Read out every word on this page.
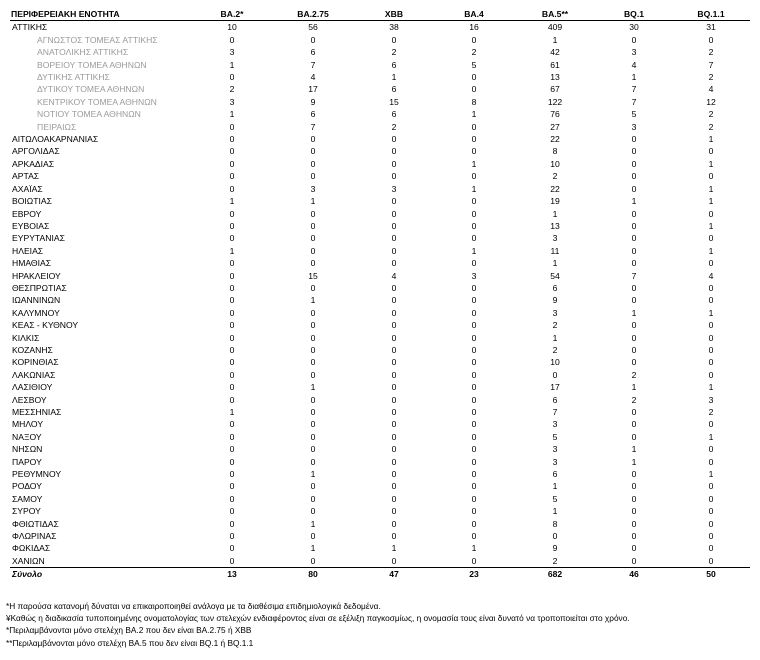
ΠΕΡΙΦΕΡΕΙΑΚΗ ΕΝΟΤΗΤΑ	BA.2*	BA.2.75	XBB	BA.4	BA.5**	BQ.1	BQ.1.1
ΑΤΤΙΚΗΣ	10	56	38	16	409	30	31
ΑΓΝΩΣΤΟΣ ΤΟΜΕΑΣ ΑΤΤΙΚΗΣ	0	0	0	0	1	0	0
ΑΝΑΤΟΛΙΚΗΣ ΑΤΤΙΚΗΣ	3	6	2	2	42	3	2
ΒΟΡΕΙΟΥ ΤΟΜΕΑ ΑΘΗΝΩΝ	1	7	6	5	61	4	7
ΔΥΤΙΚΗΣ ΑΤΤΙΚΗΣ	0	4	1	0	13	1	2
ΔΥΤΙΚΟΥ ΤΟΜΕΑ ΑΘΗΝΩΝ	2	17	6	0	67	7	4
ΚΕΝΤΡΙΚΟΥ ΤΟΜΕΑ ΑΘΗΝΩΝ	3	9	15	8	122	7	12
ΝΟΤΙΟΥ ΤΟΜΕΑ ΑΘΗΝΩΝ	1	6	6	1	76	5	2
ΠΕΙΡΑΙΩΣ	0	7	2	0	27	3	2
ΑΙΤΩΛΟΑΚΑΡΝΑΝΙΑΣ	0	0	0	0	22	0	1
ΑΡΓΟΛΙΔΑΣ	0	0	0	0	8	0	0
ΑΡΚΑΔΙΑΣ	0	0	0	1	10	0	1
ΑΡΤΑΣ	0	0	0	0	2	0	0
ΑΧΑΪΑΣ	0	3	3	1	22	0	1
ΒΟΙΩΤΙΑΣ	1	1	0	0	19	1	1
ΕΒΡΟΥ	0	0	0	0	1	0	0
ΕΥΒΟΙΑΣ	0	0	0	0	13	0	1
ΕΥΡΥΤΑΝΙΑΣ	0	0	0	0	3	0	0
ΗΛΕΙΑΣ	1	0	0	1	11	0	1
ΗΜΑΘΙΑΣ	0	0	0	0	1	0	0
ΗΡΑΚΛΕΙΟΥ	0	15	4	3	54	7	4
ΘΕΣΠΡΩΤΙΑΣ	0	0	0	0	6	0	0
ΙΩΑΝΝΙΝΩΝ	0	1	0	0	9	0	0
ΚΑΛΥΜΝΟΥ	0	0	0	0	3	1	1
ΚΕΑΣ - ΚΥΘΝΟΥ	0	0	0	0	2	0	0
ΚΙΛΚΙΣ	0	0	0	0	1	0	0
ΚΟΖΑΝΗΣ	0	0	0	0	2	0	0
ΚΟΡΙΝΘΙΑΣ	0	0	0	0	10	0	0
ΛΑΚΩΝΙΑΣ	0	0	0	0	0	2	0
ΛΑΣΙΘΙΟΥ	0	1	0	0	17	1	1
ΛΕΣΒΟΥ	0	0	0	0	6	2	3
ΜΕΣΣΗΝΙΑΣ	1	0	0	0	7	0	2
ΜΗΛΟΥ	0	0	0	0	3	0	0
ΝΑΞΟΥ	0	0	0	0	5	0	1
ΝΗΣΩΝ	0	0	0	0	3	1	0
ΠΑΡΟΥ	0	0	0	0	3	1	0
ΡΕΘΥΜΝΟΥ	0	1	0	0	6	0	1
ΡΟΔΟΥ	0	0	0	0	1	0	0
ΣΑΜΟΥ	0	0	0	0	5	0	0
ΣΥΡΟΥ	0	0	0	0	1	0	0
ΦΘΙΩΤΙΔΑΣ	0	1	0	0	8	0	0
ΦΛΩΡΙΝΑΣ	0	0	0	0	0	0	0
ΦΩΚΙΔΑΣ	0	1	1	1	9	0	0
ΧΑΝΙΩΝ	0	0	0	0	2	0	0
Σύνολο	13	80	47	23	682	46	50
*Η παρούσα κατανομή δύναται να επικαιροποιηθεί ανάλογα με τα διαθέσιμα επιδημιολογικά δεδομένα.
¥Καθώς η διαδικασία τυποποιημένης ονοματολογίας των στελεχών ενδιαφέροντος είναι σε εξέλιξη παγκοσμίως, η ονομασία τους είναι δυνατό να τροποποιείται στο χρόνο.
*Περιλαμβάνονται μόνο στελέχη BA.2 που δεν είναι BA.2.75 ή XBB
**Περιλαμβάνονται μόνο στελέχη BA.5 που δεν είναι BQ.1 ή BQ.1.1
